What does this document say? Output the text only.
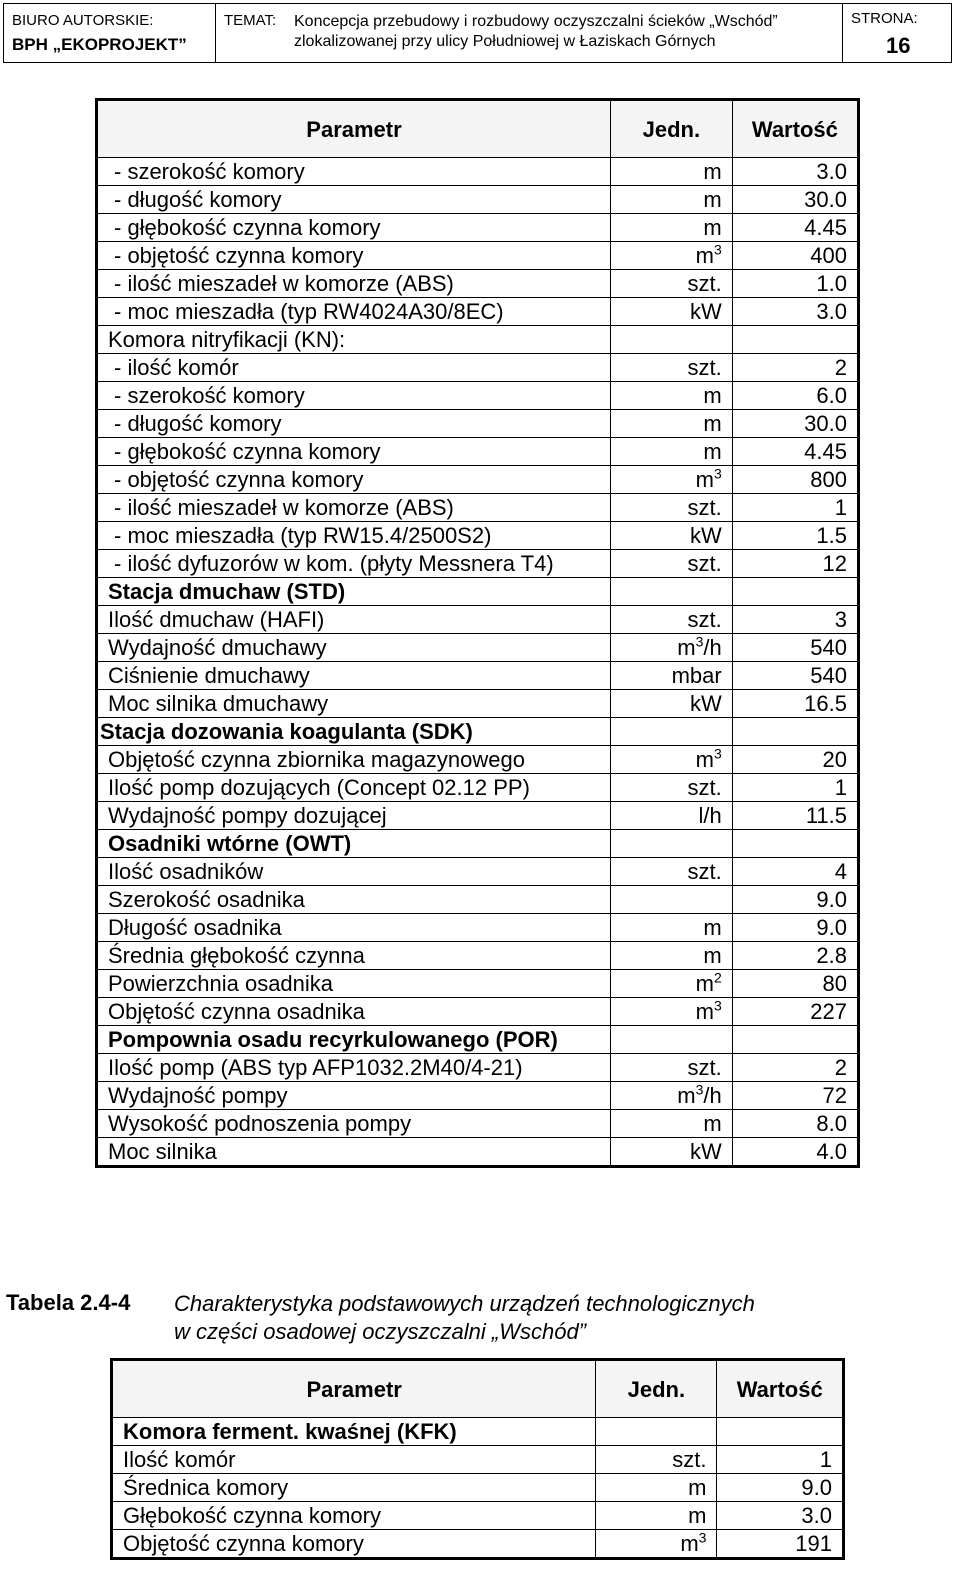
BIURO AUTORSKIE:
BPH „EKOPROJEKT”
TEMAT:	Koncepcja przebudowy i rozbudowy oczyszczalni ścieków „Wschód”
zlokalizowanej przy ulicy Południowej w Łaziskach Górnych
STRONA:
16
Parametr	Jedn.	Wartość
- szerokość komory	m	3.0
- długość komory	m	30.0
- głębokość czynna komory	m	4.45
- objętość czynna komory	$m^3$	400
- ilość mieszadeł w komorze (ABS)	szt.	1.0
- moc mieszadła (typ RW4024A30/8EC)	kW	3.0
Komora nitryfikacji (KN):		
- ilość komór	szt.	2
- szerokość komory	m	6.0
- długość komory	m	30.0
- głębokość czynna komory	m	4.45
- objętość czynna komory	$m^3$	800
- ilość mieszadeł w komorze (ABS)	szt.	1
- moc mieszadła (typ RW15.4/2500S2)	kW	1.5
- ilość dyfuzorów w kom. (płyty Messnera T4)	szt.	12
Stacja dmuchaw (STD)		
Ilość dmuchaw (HAFI)	szt.	3
Wydajność dmuchawy	$m^3/h$	540
Ciśnienie dmuchawy	mbar	540
Moc silnika dmuchawy	kW	16.5
Stacja dozowania koagulanta (SDK)		
Objętość czynna zbiornika magazynowego	$m^3$	20
Ilość pomp dozujących (Concept 02.12 PP)	szt.	1
Wydajność pompy dozującej	l/h	11.5
Osadniki wtórne (OWT)		
Ilość osadników	szt.	4
Szerokość osadnika		9.0
Długość osadnika	m	9.0
Średnia głębokość czynna	m	2.8
Powierzchnia osadnika	$m^2$	80
Objętość czynna osadnika	$m^3$	227
Pompownia osadu recyrkulowanego (POR)		
Ilość pomp (ABS typ AFP1032.2M40/4-21)	szt.	2
Wydajność pompy	$m^3/h$	72
Wysokość podnoszenia pompy	m	8.0
Moc silnika	kW	4.0
Tabela 2.4-4	Charakterystyka podstawowych urządzeń technologicznych
w części osadowej oczyszczalni „Wschód”
Parametr	Jedn.	Wartość
Komora ferment. kwaśnej (KFK)		
Ilość komór	szt.	1
Średnica komory	m	9.0
Głębokość czynna komory	m	3.0
Objętość czynna komory	$m^3$	191
